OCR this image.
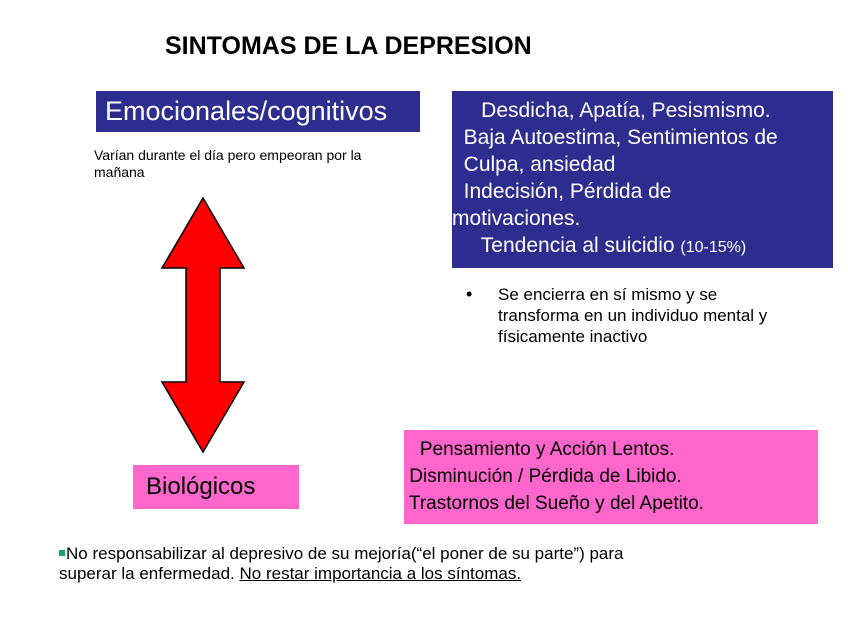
SINTOMAS DE LA DEPRESION
Emocionales/cognitivos
Varían durante el día pero empeoran por la mañana
Desdicha, Apatía, Pesismismo.
Baja Autoestima, Sentimientos de
Culpa, ansiedad
Indecisión, Pérdida de
motivaciones.
Tendencia al suicidio (10-15%)
• Se encierra en sí mismo y se transforma en un individuo mental y físicamente inactivo
Biológicos
Pensamiento y Acción Lentos.
Disminución / Pérdida de Libido.
Trastornos del Sueño y del Apetito.
No responsabilizar al depresivo de su mejoría(“el poner de su parte”) para superar la enfermedad. No restar importancia a los síntomas.
